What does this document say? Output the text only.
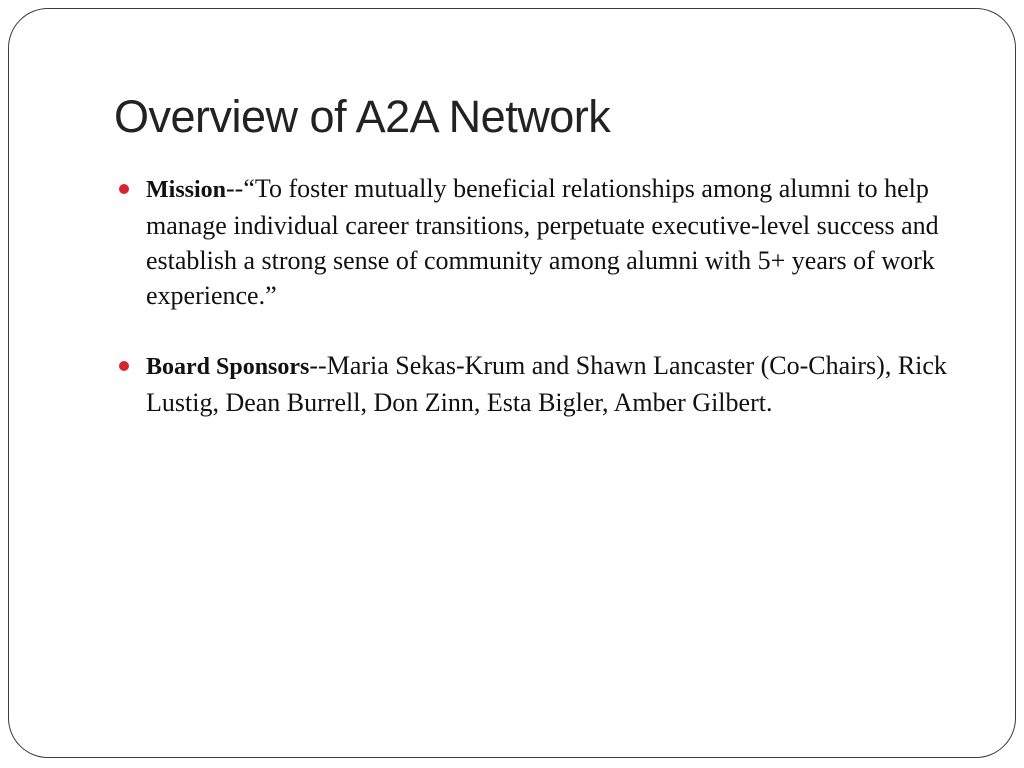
Overview of A2A Network
Mission--“To foster mutually beneficial relationships among alumni to help manage individual career transitions, perpetuate executive-level success and establish a strong sense of community among alumni with 5+ years of work experience.”
Board Sponsors--Maria Sekas-Krum and Shawn Lancaster (Co-Chairs), Rick Lustig, Dean Burrell, Don Zinn, Esta Bigler, Amber Gilbert.
